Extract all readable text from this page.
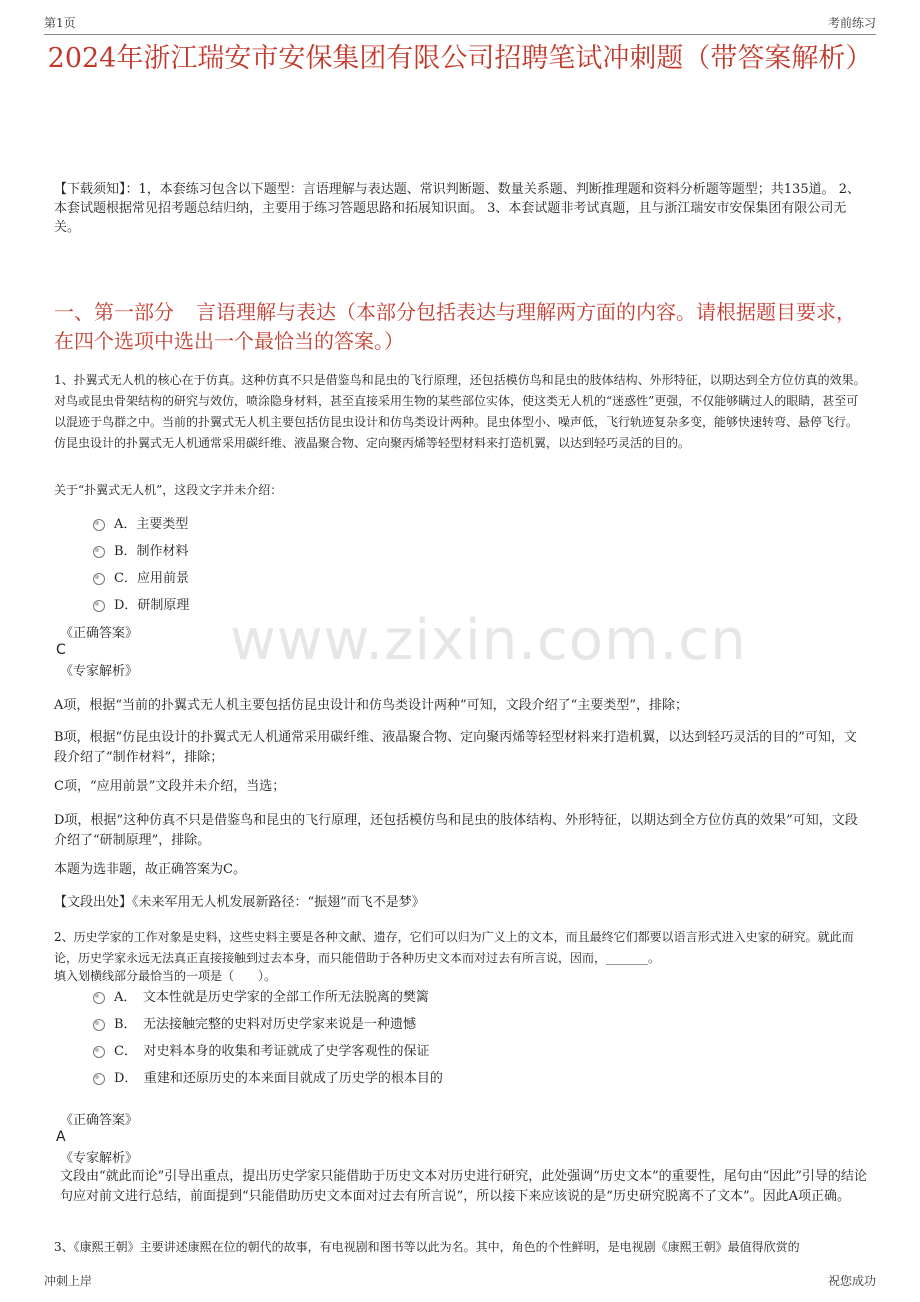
第1页	考前练习
2024年浙江瑞安市安保集团有限公司招聘笔试冲刺题（带答案解析）
【下载须知】：1，本套练习包含以下题型：言语理解与表达题、常识判断题、数量关系题、判断推理题和资料分析题等题型；共135道。 2、本套试题根据常见招考题总结归纳，主要用于练习答题思路和拓展知识面。 3、本套试题非考试真题，且与浙江瑞安市安保集团有限公司无关。
一、第一部分 言语理解与表达（本部分包括表达与理解两方面的内容。请根据题目要求，在四个选项中选出一个最恰当的答案。）
1、扑翼式无人机的核心在于仿真。这种仿真不只是借鉴鸟和昆虫的飞行原理，还包括模仿鸟和昆虫的肢体结构、外形特征，以期达到全方位仿真的效果。对鸟或昆虫骨架结构的研究与效仿，喷涂隐身材料，甚至直接采用生物的某些部位实体，使这类无人机的“迷惑性”更强，不仅能够瞒过人的眼睛，甚至可以混迹于鸟群之中。当前的扑翼式无人机主要包括仿昆虫设计和仿鸟类设计两种。昆虫体型小、噪声低，飞行轨迹复杂多变，能够快速转弯、悬停飞行。仿昆虫设计的扑翼式无人机通常采用碳纤维、液晶聚合物、定向聚丙烯等轻型材料来打造机翼，以达到轻巧灵活的目的。
关于“扑翼式无人机”，这段文字并未介绍：
A．主要类型
B．制作材料
C．应用前景
D．研制原理
《正确答案》
C
《专家解析》
A项，根据“当前的扑翼式无人机主要包括仿昆虫设计和仿鸟类设计两种”可知，文段介绍了“主要类型”，排除；
B项，根据“仿昆虫设计的扑翼式无人机通常采用碳纤维、液晶聚合物、定向聚丙烯等轻型材料来打造机翼，以达到轻巧灵活的目的”可知，文段介绍了“制作材料”，排除；
C项，“应用前景”文段并未介绍，当选；
D项，根据“这种仿真不只是借鉴鸟和昆虫的飞行原理，还包括模仿鸟和昆虫的肢体结构、外形特征，以期达到全方位仿真的效果”可知，文段介绍了“研制原理”，排除。
本题为选非题，故正确答案为C。
【文段出处】《未来军用无人机发展新路径：“振翅”而飞不是梦》
2、历史学家的工作对象是史料，这些史料主要是各种文献、遗存，它们可以归为广义上的文本，而且最终它们都要以语言形式进入史家的研究。就此而论，历史学家永远无法真正直接接触到过去本身，而只能借助于各种历史文本而对过去有所言说，因而，_______。
填入划横线部分最恰当的一项是（　　）。
A．　文本性就是历史学家的全部工作所无法脱离的樊篱
B．　无法接触完整的史料对历史学家来说是一种遗憾
C．　对史料本身的收集和考证就成了史学客观性的保证
D．　重建和还原历史的本来面目就成了历史学的根本目的
《正确答案》
A
《专家解析》
文段由“就此而论”引导出重点，提出历史学家只能借助于历史文本对历史进行研究，此处强调“历史文本”的重要性，尾句由“因此”引导的结论句应对前文进行总结，前面提到“只能借助历史文本面对过去有所言说”，所以接下来应该说的是“历史研究脱离不了文本”。因此A项正确。
3、《康熙王朝》主要讲述康熙在位的朝代的故事，有电视剧和图书等以此为名。其中，角色的个性鲜明，是电视剧《康熙王朝》最值得欣赏的
www.zixin.com.cn
冲刺上岸	祝您成功
